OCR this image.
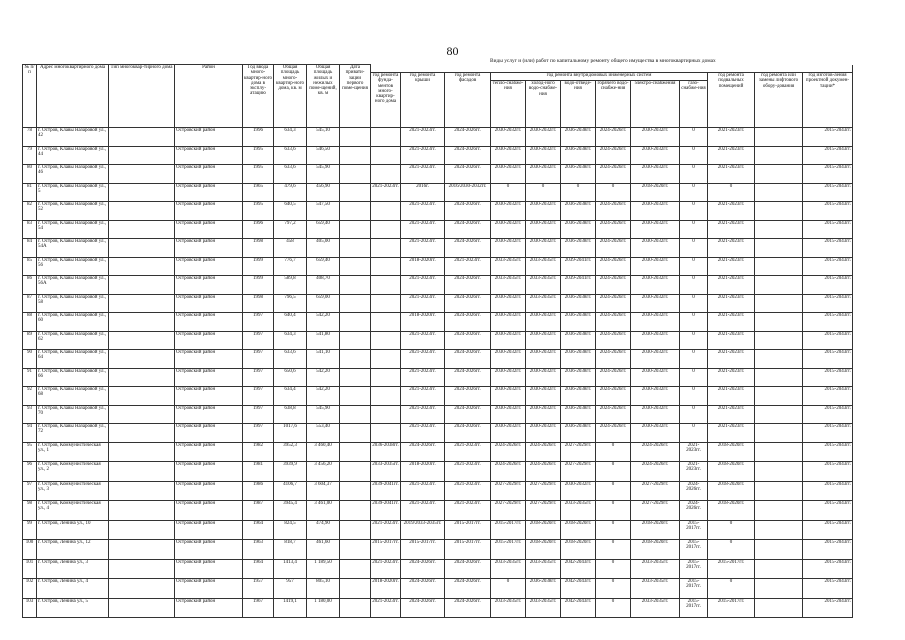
80
Виды услуг и (или) работ по капитальному ремонту общего имущества в многоквартирных домах
№ п/п	Адрес многоквартирного дома	Тип многоквар-тирного дома	Район	Год ввода много-квартир-ного дома в эксплу-атацию	Общая площадь много-квартир-ного дома, кв. м	Общая площадь жилых и нежилых поме-щений, кв. м	Дата привати-зации первого поме-щения												
								год ремонта фунда-ментов много-квартир-ного дома	год ремонта крыши	год ремонта фасадов	год ремонта внутридомовых инженерных систем						год ремонта подвальных помещений	год ремонта или замены лифтового обору-дования	год изготов-ления проектной докумен-тации*
											тепло-снабже-ния	холод-ного водо-снабже-ния	водо-отведе-ния	горячего водо-снабже-ния	электро-снабжения	газо-снабже-ния			
78	г. Остров, Клавы Назаровой ул., 42		Островский район	1996	634,3	545,10			2021-2023гг.	2024-2026гг.	2030-2032гг.	2030-2032гг.	2036-2038гг.	2024-2026гг.	2030-2032гг.	0	2021-2023гг.		2015-2043гг.
79	г. Остров, Клавы Назаровой ул., 44		Островский район	1995	633,6	546,50			2021-2023гг.	2024-2026гг.	2030-2032гг.	2030-2032гг.	2036-2038гг.	2024-2026гг.	2030-2032гг.	0	2021-2023гг.		2015-2043гг.
80	г. Остров, Клавы Назаровой ул., 46		Островский район	1995	633,6	545,90			2021-2023гг.	2024-2026гг.	2030-2032гг.	2030-2032гг.	2036-2038гг.	2024-2026гг.	2030-2032гг.	0	2021-2023гг.		2015-2043гг.
81	г. Остров, Клавы Назаровой ул., 5		Островский район	1965	479,6	456,90		2021-2023гг.	2016г.	2016/2030-2032гг.	0	0	0	0	2018-2020гг.	0	0		2015-2043гг.
82	г. Остров, Клавы Назаровой ул., 52		Островский район	1995	640,5	547,50			2021-2023гг.	2024-2026гг.	2030-2032гг.	2030-2032гг.	2036-2038гг.	2024-2026гг.	2030-2032гг.	0	2021-2023гг.		2015-2043гг.
83	г. Остров, Клавы Назаровой ул., 54		Островский район	1996	797,2	659,40			2021-2023гг.	2024-2026гг.	2030-2032гг.	2030-2032гг.	2036-2038гг.	2024-2026гг.	2030-2032гг.	0	2021-2023гг.		2015-2043гг.
84	г. Остров, Клавы Назаровой ул., 54А		Островский район	1998	458	405,00			2021-2023гг.	2024-2026гг.	2030-2032гг.	2030-2032гг.	2036-2038гг.	2024-2026гг.	2030-2032гг.	0	2021-2023гг.		2015-2043гг.
85	г. Остров, Клавы Назаровой ул., 56		Островский район	1999	776,7	659,40			2018-2020гг.	2021-2023гг.	2033-2035гг.	2033-2035гг.	2039-2041гг.	2024-2026гг.	2030-2032гг.	0	2021-2023гг.		2015-2043гг.
86	г. Остров, Клавы Назаровой ул., 56А		Островский район	1999	589,8	408,70			2021-2023гг.	2024-2026гг.	2033-2035гг.	2033-2035гг.	2039-2041гг.	2024-2026гг.	2030-2032гг.	0	2021-2023гг.		2015-2043гг.
87	г. Остров, Клавы Назаровой ул., 58		Островский район	1998	796,5	659,00			2021-2023гг.	2024-2026гг.	2030-2032гг.	2033-2035гг.	2036-2038гг.	2024-2026гг.	2030-2032гг.	0	2021-2023гг.		2015-2043гг.
88	г. Остров, Клавы Назаровой ул., 60		Островский район	1997	640,4	542,20			2018-2020гг.	2024-2026гг.	2030-2032гг.	2030-2032гг.	2036-2038гг.	2024-2026гг.	2030-2032гг.	0	2021-2023гг.		2015-2043гг.
89	г. Остров, Клавы Назаровой ул., 62		Островский район	1997	634,3	541,80			2021-2023гг.	2024-2026гг.	2030-2032гг.	2030-2032гг.	2036-2038гг.	2024-2026гг.	2030-2032гг.	0	2021-2023гг.		2015-2043гг.
90	г. Остров, Клавы Назаровой ул., 64		Островский район	1997	633,6	541,10			2021-2023гг.	2024-2026гг.	2030-2032гг.	2030-2032гг.	2036-2038гг.	2024-2026гг.	2030-2032гг.	0	2021-2023гг.		2015-2043гг.
91	г. Остров, Клавы Назаровой ул., 66		Островский район	1997	650,6	542,20			2021-2023гг.	2024-2026гг.	2030-2032гг.	2030-2032гг.	2036-2038гг.	2024-2026гг.	2030-2032гг.	0	2021-2023гг.		2015-2043гг.
92	г. Остров, Клавы Назаровой ул., 68		Островский район	1997	634,4	542,20			2021-2023гг.	2024-2026гг.	2030-2032гг.	2030-2032гг.	2036-2038гг.	2024-2026гг.	2030-2032гг.	0	2021-2023гг.		2015-2043гг.
93	г. Остров, Клавы Назаровой ул., 70		Островский район	1997	638,8	545,90			2021-2023гг.	2024-2026гг.	2030-2032гг.	2030-2032гг.	2036-2038гг.	2024-2026гг.	2030-2032гг.	0	2021-2023гг.		2015-2043гг.
94	г. Остров, Клавы Назаровой ул., 72		Островский район	1997	1017,6	553,40			2021-2023гг.	2024-2026гг.	2030-2032гг.	2030-2032гг.	2036-2038гг.	2024-2026гг.	2030-2032гг.	0	2021-2023гг.		2015-2043гг.
95	г. Остров, Коммунистическая ул., 1		Островский район	1982	3952,3	3 460,40		2036-2038гг.	2024-2026гг.	2021-2023гг.	2024-2026гг.	2024-2026гг.	2027-2029гг.	0	2024-2026гг.	2021-2023гг.	2018-2020гг.		2015-2043гг.
96	г. Остров, Коммунистическая ул., 2		Островский район	1981	3939,9	3 456,20		2033-2035гг.	2018-2020гг.	2021-2023гг.	2024-2026гг.	2024-2026гг.	2027-2029гг.	0	2024-2026гг.	2021-2023гг.	2018-2020гг.		2015-2043гг.
97	г. Остров, Коммунистическая ул., 3		Островский район	1986	4106,7	3 604,37		2039-2041гг.	2021-2023гг.	2021-2023гг.	2027-2029гг.	2027-2029гг.	2030-2032гг.	0	2027-2029гг.	2024-2026гг.	2018-2020гг.		2015-2043гг.
98	г. Остров, Коммунистическая ул., 4		Островский район	1987	3945,4	3 461,00		2039-2041гг.	2021-2023гг.	2021-2023гг.	2027-2029гг.	2027-2029гг.	2033-2035гг.	0	2027-2029гг.	2024-2026гг.	2018-2020гг.		2015-2043гг.
99	г. Остров, Ленина ул., 10		Островский район	1964	824,5	474,90		2021-2023гг.	2019/2033-2035гг.	2015-2017гг.	2015-2017гг.	2018-2020гг.	2018-2020гг.	0	2018-2020гг.	2015-2017гг.	0		2015-2043гг.
100	г. Остров, Ленина ул., 12		Островский район	1963	818,7	461,60		2015-2017гг.	2015-2017гг.	2015-2017гг.	2015-2017гг.	2018-2020гг.	2018-2020гг.	0	2018-2020гг.	2015-2017гг.	0		2015-2043гг.
101	г. Остров, Ленина ул., 3		Островский район	1964	1413,4	1 189,50		2021-2023гг.	2024-2026гг.	2024-2026гг.	2033-2035гг.	2033-2035гг.	2042-2043гг.	0	2033-2035гг.	2015-2017гг.	2015-2017гг.		2015-2043гг.
102	г. Остров, Ленина ул., 4		Островский район	1957	957	805,10		2018-2020гг.	2024-2026гг.	2024-2026гг.	0	2036-2038гг.	2042-2043гг.	0	2033-2035гг.	2015-2017гг.	0		2015-2043гг.
103	г. Остров, Ленина ул., 5		Островский район	1967	1419,1	1 180,00		2021-2023гг.	2024-2026гг.	2024-2026гг.	2033-2035гг.	2033-2035гг.	2042-2043гг.	0	2033-2035гг.	2015-2017гг.	2015-2017гг.		2015-2043гг.
